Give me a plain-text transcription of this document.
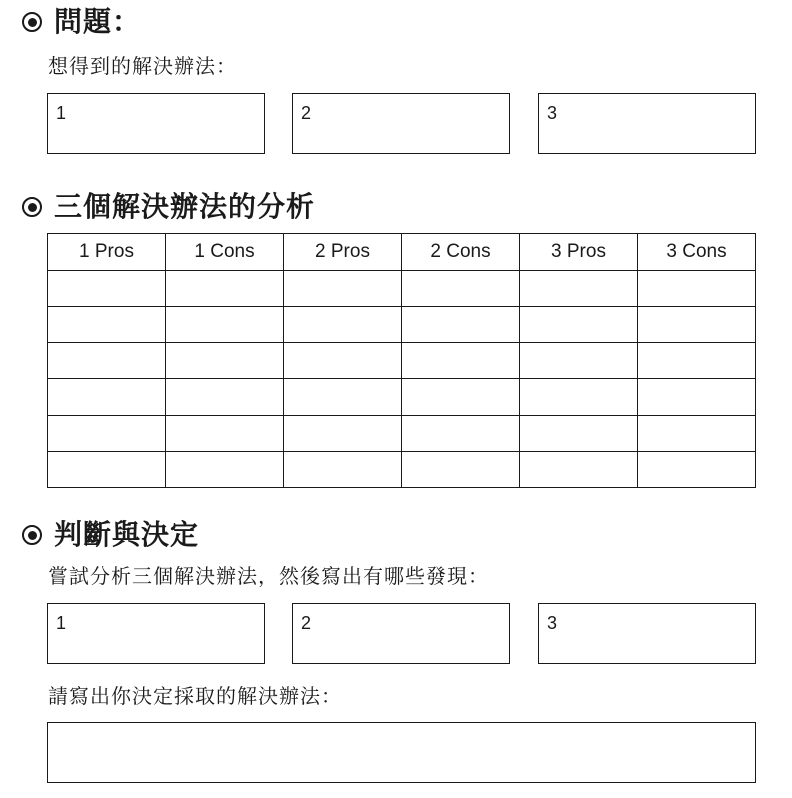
問題：
想得到的解決辦法：
1	2	3
三個解決辦法的分析
1 Pros	1 Cons	2 Pros	2 Cons	3 Pros	3 Cons

判斷與決定
嘗試分析三個解決辦法，然後寫出有哪些發現：
1	2	3
請寫出你決定採取的解決辦法：
